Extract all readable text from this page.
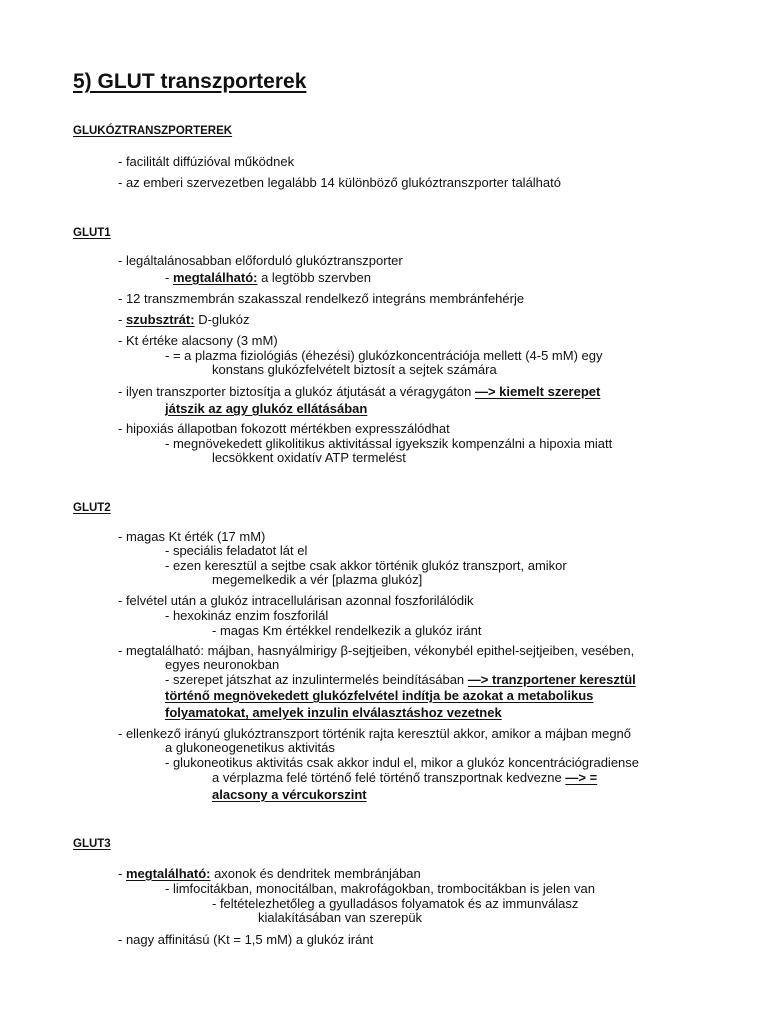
5) GLUT transzporterek
GLUKÓZTRANSZPORTEREK
- facilitált diffúzióval működnek
- az emberi szervezetben legalább 14 különböző glukóztranszporter található
GLUT1
- legáltalánosabban előforduló glukóztranszporter
- megtalálható: a legtöbb szervben
- 12 transzmembrán szakasszal rendelkező integráns membránfehérje
- szubsztrát: D-glukóz
- Kt értéke alacsony (3 mM)
- = a plazma fiziológiás (éhezési) glukózkoncentrációja mellett (4-5 mM) egy
konstans glukózfelvételt biztosít a sejtek számára
- ilyen transzporter biztosítja a glukóz átjutását a véragygáton —> kiemelt szerepet
játszik az agy glukóz ellátásában
- hipoxiás állapotban fokozott mértékben expresszálódhat
- megnövekedett glikolitikus aktivitással igyekszik kompenzálni a hipoxia miatt
lecsökkent oxidatív ATP termelést
GLUT2
- magas Kt érték (17 mM)
- speciális feladatot lát el
- ezen keresztül a sejtbe csak akkor történik glukóz transzport, amikor
megemelkedik a vér [plazma glukóz]
- felvétel után a glukóz intracellulárisan azonnal foszforilálódik
- hexokináz enzim foszforilál
- magas Km értékkel rendelkezik a glukóz iránt
- megtalálható: májban, hasnyálmirigy β-sejtjeiben, vékonybél epithel-sejtjeiben, vesében,
egyes neuronokban
- szerepet játszhat az inzulintermelés beindításában —> tranzportener keresztül
történő megnövekedett glukózfelvétel indítja be azokat a metabolikus
folyamatokat, amelyek inzulin elválasztáshoz vezetnek
- ellenkező irányú glukóztranszport történik rajta keresztül akkor, amikor a májban megnő
a glukoneogenetikus aktivitás
- glukoneotikus aktivitás csak akkor indul el, mikor a glukóz koncentrációgradiense
a vérplazma felé történő felé történő transzportnak kedvezne —> =
alacsony a vércukorszint
GLUT3
- megtalálható: axonok és dendritek membránjában
- limfocitákban, monocitálban, makrofágokban, trombocitákban is jelen van
- feltételezhetőleg a gyulladásos folyamatok és az immunválasz
kialakításában van szerepük
- nagy affinitású (Kt = 1,5 mM) a glukóz iránt
